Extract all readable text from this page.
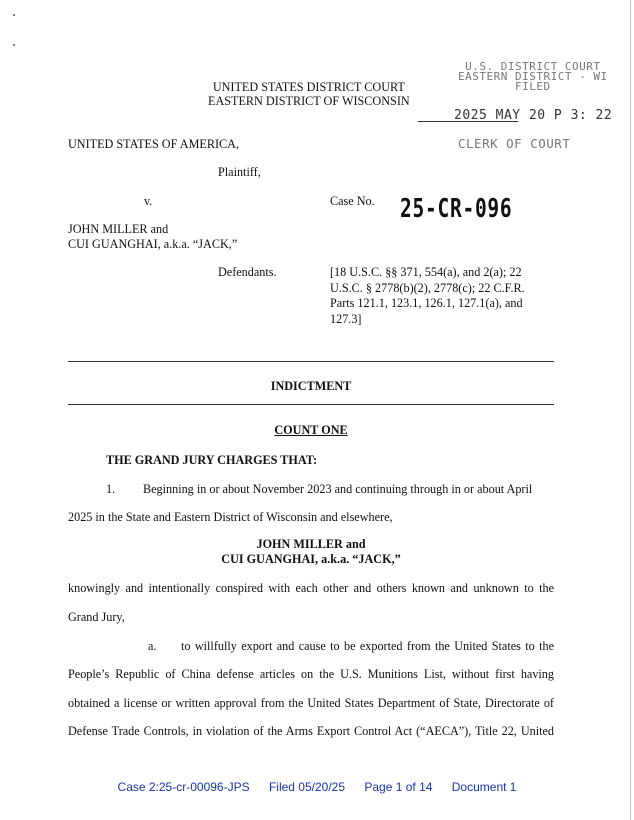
UNITED STATES DISTRICT COURT
EASTERN DISTRICT OF WISCONSIN
U.S. DISTRICT COURT
EASTERN DISTRICT - WI
FILED
2025 MAY 20 P 3: 22
CLERK OF COURT
UNITED STATES OF AMERICA,
Plaintiff,
v.	Case No. 25-CR-096
JOHN MILLER and
CUI GUANGHAI, a.k.a. “JACK,”
Defendants.	[18 U.S.C. §§ 371, 554(a), and 2(a); 22
U.S.C. § 2778(b)(2), 2778(c); 22 C.F.R.
Parts 121.1, 123.1, 126.1, 127.1(a), and
127.3]
INDICTMENT
COUNT ONE
THE GRAND JURY CHARGES THAT:
1. Beginning in or about November 2023 and continuing through in or about April
2025 in the State and Eastern District of Wisconsin and elsewhere,
JOHN MILLER and
CUI GUANGHAI, a.k.a. “JACK,”
knowingly and intentionally conspired with each other and others known and unknown to the
Grand Jury,
a. to willfully export and cause to be exported from the United States to the
People’s Republic of China defense articles on the U.S. Munitions List, without first having
obtained a license or written approval from the United States Department of State, Directorate of
Defense Trade Controls, in violation of the Arms Export Control Act (“AECA”), Title 22, United
Case 2:25-cr-00096-JPS Filed 05/20/25 Page 1 of 14 Document 1
